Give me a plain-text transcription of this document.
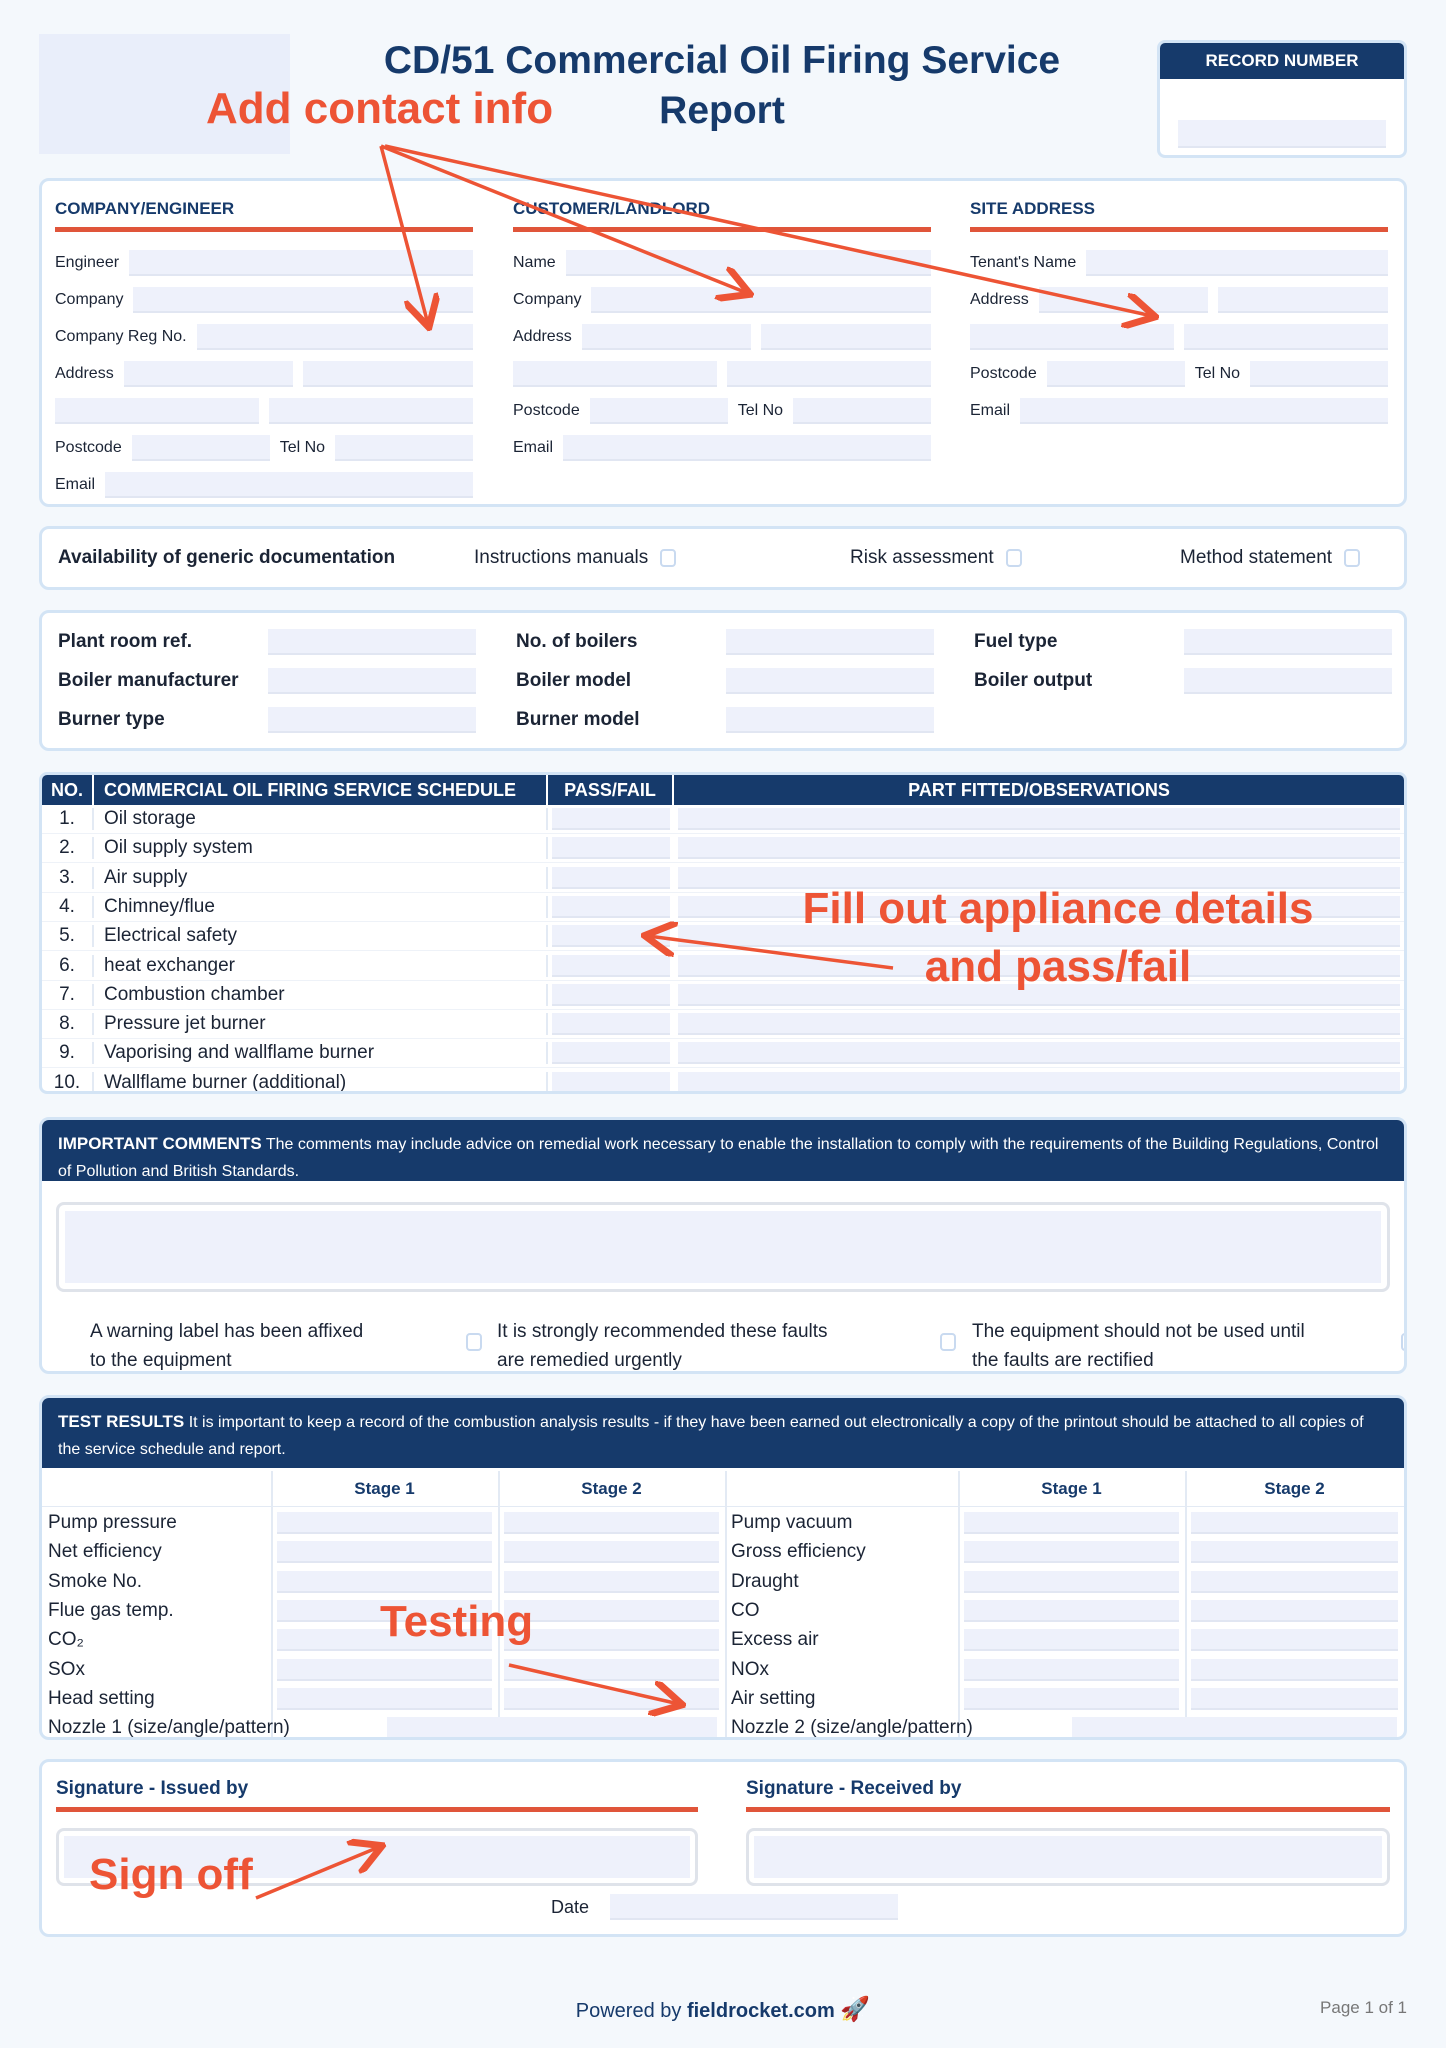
CD/51 Commercial Oil Firing Service
Report
RECORD NUMBER
COMPANY/ENGINEER
Engineer
Company
Company Reg No.
Address
Postcode	Tel No
Email
CUSTOMER/LANDLORD
Name
Company
Address
Postcode	Tel No
Email
SITE ADDRESS
Tenant's Name
Address
Postcode	Tel No
Email
Availability of generic documentation	Instructions manuals	Risk assessment	Method statement
Plant room ref.
Boiler manufacturer
Burner type
No. of boilers
Boiler model
Burner model
Fuel type
Boiler output
NO.	COMMERCIAL OIL FIRING SERVICE SCHEDULE	PASS/FAIL	PART FITTED/OBSERVATIONS
1.	Oil storage
2.	Oil supply system
3.	Air supply
4.	Chimney/flue
5.	Electrical safety
6.	heat exchanger
7.	Combustion chamber
8.	Pressure jet burner
9.	Vaporising and wallflame burner
10.	Wallflame burner (additional)
IMPORTANT COMMENTS The comments may include advice on remedial work necessary to enable the installation to comply with the requirements of the Building Regulations, Control of Pollution and British Standards.
A warning label has been affixed
to the equipment
It is strongly recommended these faults
are remedied urgently
The equipment should not be used until
the faults are rectified
TEST RESULTS It is important to keep a record of the combustion analysis results - if they have been earned out electronically a copy of the printout should be attached to all copies of the service schedule and report.
Stage 1	Stage 2	Stage 1	Stage 2
Pump pressure	Pump vacuum
Net efficiency	Gross efficiency
Smoke No.	Draught
Flue gas temp.	CO
CO₂	Excess air
SOx	NOx
Head setting	Air setting
Nozzle 1 (size/angle/pattern)	Nozzle 2 (size/angle/pattern)
Signature - Issued by	Signature - Received by
Date
Powered by fieldrocket.com 🚀	Page 1 of 1
Add contact info
Fill out appliance details
and pass/fail
Testing
Sign off
